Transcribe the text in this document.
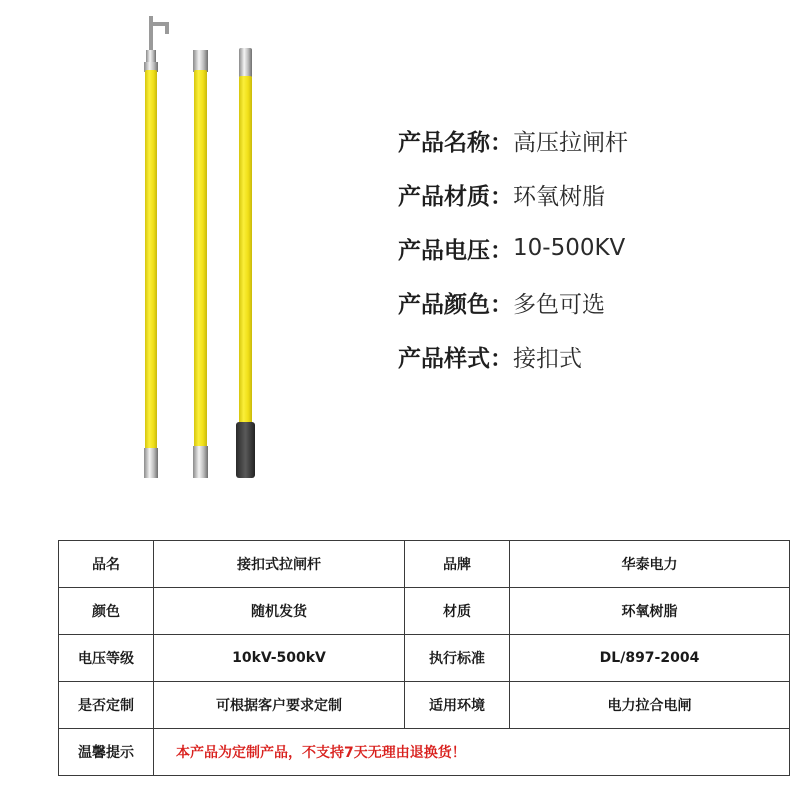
产品名称： 高压拉闸杆
产品材质： 环氧树脂
产品电压： 10-500KV
产品颜色： 多色可选
产品样式： 接扣式
品名	接扣式拉闸杆	品牌	华泰电力
颜色	随机发货	材质	环氧树脂
电压等级	10kV-500kV	执行标准	DL/897-2004
是否定制	可根据客户要求定制	适用环境	电力拉合电闸
温馨提示	本产品为定制产品，不支持7天无理由退换货！		
